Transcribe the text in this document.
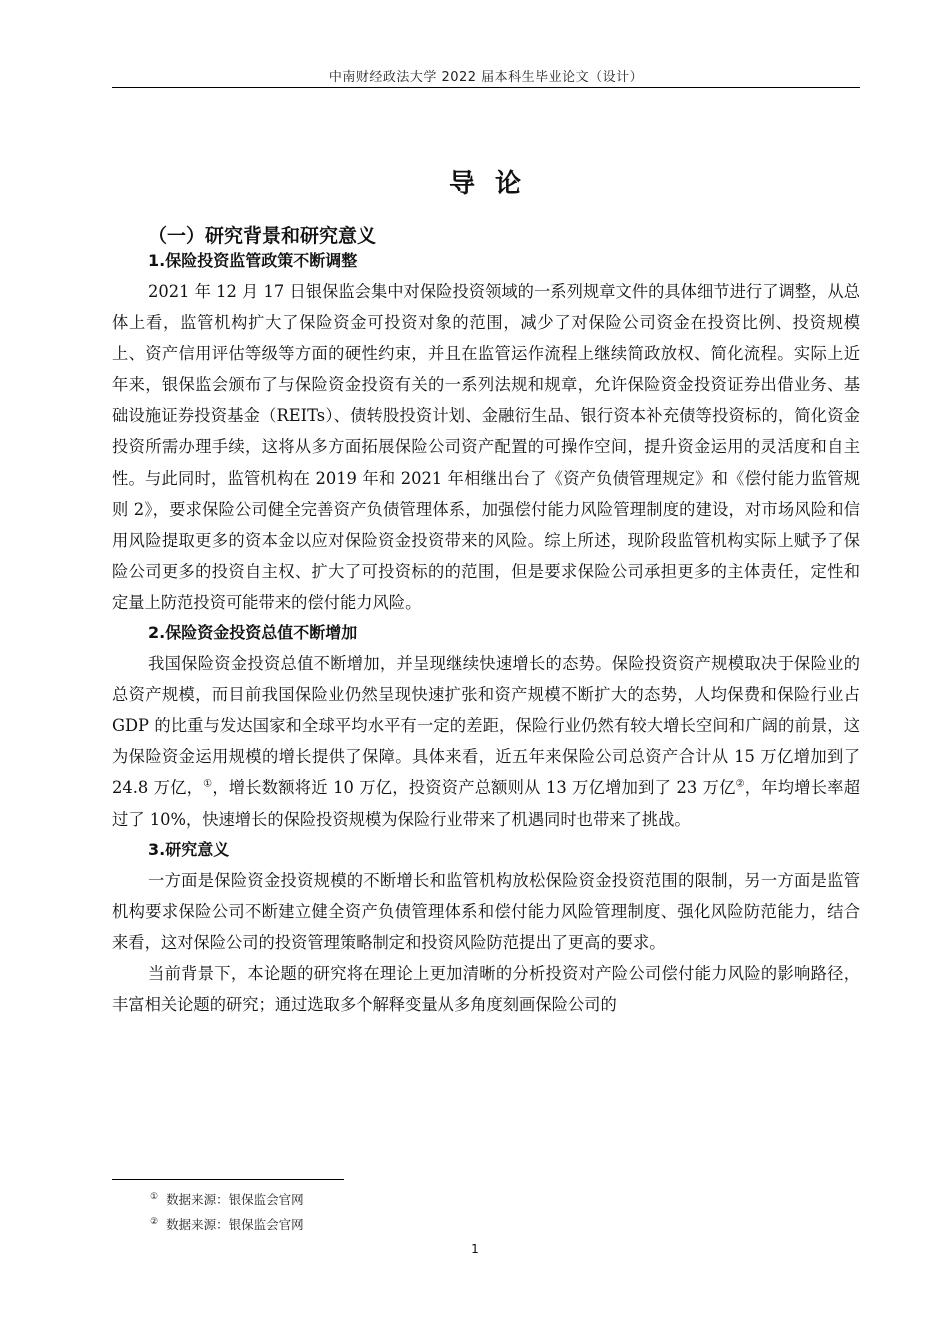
中南财经政法大学 2022 届本科生毕业论文（设计）
导论
（一）研究背景和研究意义
1.保险投资监管政策不断调整

2021 年 12 月 17 日银保监会集中对保险投资领域的一系列规章文件的具体细节进行了调整，从总体上看，监管机构扩大了保险资金可投资对象的范围，减少了对保险公司资金在投资比例、投资规模上、资产信用评估等级等方面的硬性约束，并且在监管运作流程上继续简政放权、简化流程。实际上近年来，银保监会颁布了与保险资金投资有关的一系列法规和规章，允许保险资金投资证券出借业务、基础设施证券投资基金（REITs）、债转股投资计划、金融衍生品、银行资本补充债等投资标的，简化资金投资所需办理手续，这将从多方面拓展保险公司资产配置的可操作空间，提升资金运用的灵活度和自主性。与此同时，监管机构在 2019 年和 2021 年相继出台了《资产负债管理规定》和《偿付能力监管规则 2》，要求保险公司健全完善资产负债管理体系，加强偿付能力风险管理制度的建设，对市场风险和信用风险提取更多的资本金以应对保险资金投资带来的风险。综上所述，现阶段监管机构实际上赋予了保险公司更多的投资自主权、扩大了可投资标的的范围，但是要求保险公司承担更多的主体责任，定性和定量上防范投资可能带来的偿付能力风险。

2.保险资金投资总值不断增加

我国保险资金投资总值不断增加，并呈现继续快速增长的态势。保险投资资产规模取决于保险业的总资产规模，而目前我国保险业仍然呈现快速扩张和资产规模不断扩大的态势，人均保费和保险行业占 GDP 的比重与发达国家和全球平均水平有一定的差距，保险行业仍然有较大增长空间和广阔的前景，这为保险资金运用规模的增长提供了保障。具体来看，近五年来保险公司总资产合计从 15 万亿增加到了 24.8 万亿，①，增长数额将近 10 万亿，投资资产总额则从 13 万亿增加到了 23 万亿②，年均增长率超过了 10%，快速增长的保险投资规模为保险行业带来了机遇同时也带来了挑战。

3.研究意义

一方面是保险资金投资规模的不断增长和监管机构放松保险资金投资范围的限制，另一方面是监管机构要求保险公司不断建立健全资产负债管理体系和偿付能力风险管理制度、强化风险防范能力，结合来看，这对保险公司的投资管理策略制定和投资风险防范提出了更高的要求。

当前背景下，本论题的研究将在理论上更加清晰的分析投资对产险公司偿付能力风险的影响路径，丰富相关论题的研究；通过选取多个解释变量从多角度刻画保险公司的

① 数据来源：银保监会官网
② 数据来源：银保监会官网
1
